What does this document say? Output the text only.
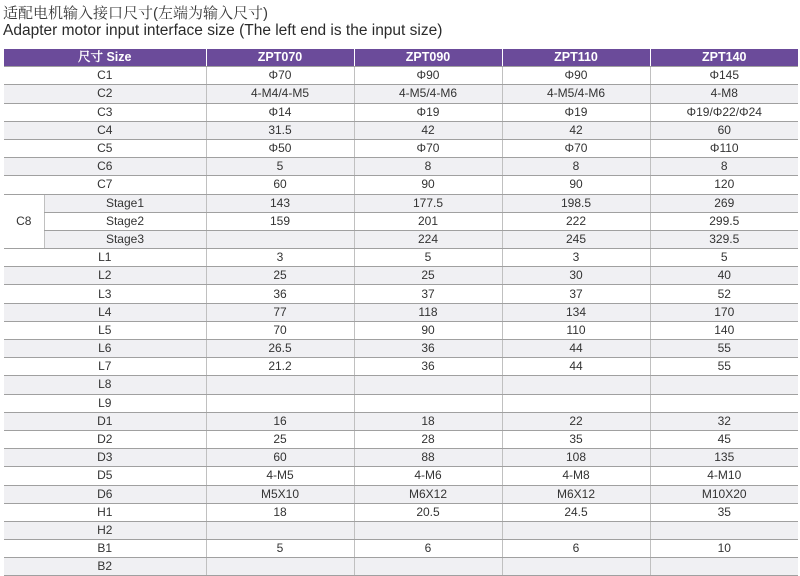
适配电机输入接口尺寸(左端为输入尺寸)
Adapter motor input interface size (The left end is the input size)
尺寸 Size		ZPT070	ZPT090	ZPT110	ZPT140
C1		Φ70	Φ90	Φ90	Φ145
C2		4-M4/4-M5	4-M5/4-M6	4-M5/4-M6	4-M8
C3		Φ14	Φ19	Φ19	Φ19/Φ22/Φ24
C4		31.5	42	42	60
C5		Φ50	Φ70	Φ70	Φ110
C6		5	8	8	8
C7		60	90	90	120
C8	Stage1	143	177.5	198.5	269
	Stage2	159	201	222	299.5
	Stage3		224	245	329.5
L1		3	5	3	5
L2		25	25	30	40
L3		36	37	37	52
L4		77	118	134	170
L5		70	90	110	140
L6		26.5	36	44	55
L7		21.2	36	44	55
L8					
L9					
D1		16	18	22	32
D2		25	28	35	45
D3		60	88	108	135
D5		4-M5	4-M6	4-M8	4-M10
D6		M5X10	M6X12	M6X12	M10X20
H1		18	20.5	24.5	35
H2					
B1		5	6	6	10
B2					
